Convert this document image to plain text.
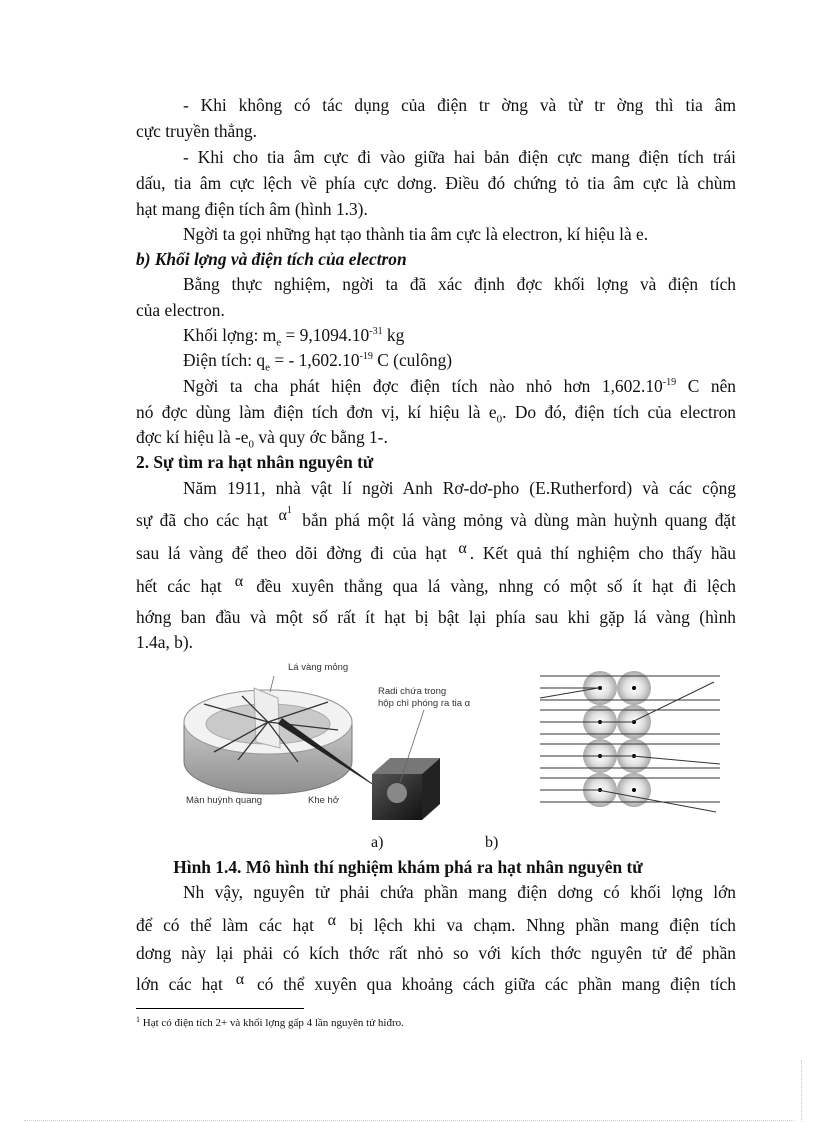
- Khi không có tác dụng của điện tr ờng và từ tr ờng thì tia âm
cực truyền thẳng.
- Khi cho tia âm cực đi vào giữa hai bản điện cực mang điện tích trái
dấu, tia âm cực lệch về phía cực dơng. Điều đó chứng tỏ tia âm cực là chùm
hạt mang điện tích âm (hình 1.3).
Ngời ta gọi những hạt tạo thành tia âm cực là electron, kí hiệu là e.
b) Khối lợng và điện tích của electron
Bằng thực nghiệm, ngời ta đã xác định đợc khối lợng và điện tích
của electron.
Khối lợng: $m_e = 9,1094.10^{-31}$ kg
Điện tích: $q_e$ = - $1,602.10^{-19}$ C (culông)
Ngời ta cha phát hiện đợc điện tích nào nhỏ hơn $1,602.10^{-19}$ C nên
nó đợc dùng làm điện tích đơn vị, kí hiệu là $e_0$. Do đó, điện tích của electron
đợc kí hiệu là $-e_0$ và quy ớc bằng 1-.
2. Sự tìm ra hạt nhân nguyên tử
Năm 1911, nhà vật lí ngời Anh Rơ-dơ-pho (E.Rutherford) và các cộng
sự đã cho các hạt $\alpha^1$ bắn phá một lá vàng mỏng và dùng màn huỳnh quang đặt
sau lá vàng để theo dõi đờng đi của hạt α . Kết quả thí nghiệm cho thấy hầu
hết các hạt α đều xuyên thẳng qua lá vàng, nhng có một số ít hạt đi lệch
hớng ban đầu và một số rất ít hạt bị bật lại phía sau khi gặp lá vàng (hình
1.4a, b).
Lá vàng mỏng
Radi chứa trong
hộp chì phóng ra tia α
Màn huỳnh quang	Khe hở
a)	b)
Hình 1.4. Mô hình thí nghiệm khám phá ra hạt nhân nguyên tử
Nh vậy, nguyên tử phải chứa phần mang điện dơng có khối lợng lớn
để có thể làm các hạt α bị lệch khi va chạm. Nhng phần mang điện tích
dơng này lại phải có kích thớc rất nhỏ so với kích thớc nguyên tử để phần
lớn các hạt α có thể xuyên qua khoảng cách giữa các phần mang điện tích
$^1$ Hạt có điện tích 2+ và khối lợng gấp 4 lần nguyên tử hiđro.
